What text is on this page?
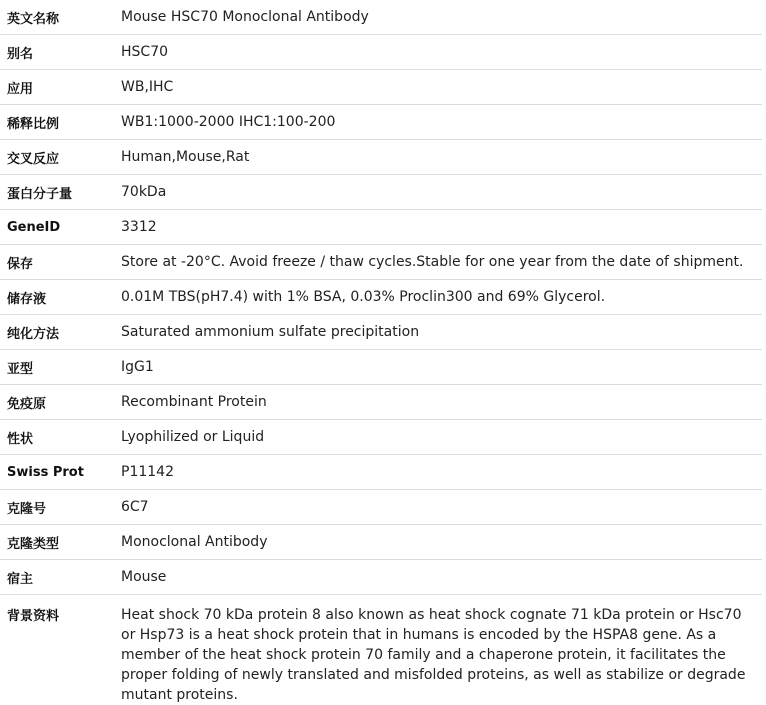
英文名称	Mouse HSC70 Monoclonal Antibody
别名	HSC70
应用	WB,IHC
稀释比例	WB1:1000-2000 IHC1:100-200
交叉反应	Human,Mouse,Rat
蛋白分子量	70kDa
GeneID	3312
保存	Store at -20°C. Avoid freeze / thaw cycles.Stable for one year from the date of shipment.
储存液	0.01M TBS(pH7.4) with 1% BSA, 0.03% Proclin300 and 69% Glycerol.
纯化方法	Saturated ammonium sulfate precipitation
亚型	IgG1
免疫原	Recombinant Protein
性状	Lyophilized or Liquid
Swiss Prot	P11142
克隆号	6C7
克隆类型	Monoclonal Antibody
宿主	Mouse
背景资料	Heat shock 70 kDa protein 8 also known as heat shock cognate 71 kDa protein or Hsc70 or Hsp73 is a heat shock protein that in humans is encoded by the HSPA8 gene. As a member of the heat shock protein 70 family and a chaperone protein, it facilitates the proper folding of newly translated and misfolded proteins, as well as stabilize or degrade mutant proteins.
